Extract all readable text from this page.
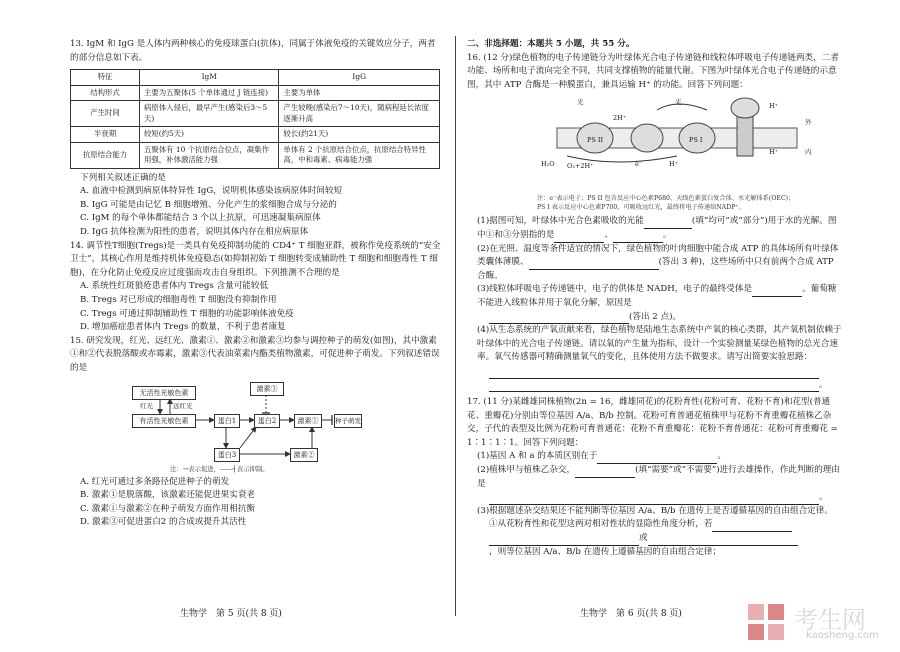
13. IgM 和 IgG 是人体内两种核心的免疫球蛋白(抗体)，同属于体液免疫的关键效应分子，两者的部分信息如下表。

特征	IgM	IgG
结构形式	主要为五聚体(5 个单体通过 J 链连接)	主要为单体
产生时间	病原体入侵后，最早产生(感染后3～5天)	产生较晚(感染后7～10天)，随病程延长浓度逐渐升高
半衰期	较短(约5天)	较长(约21天)
抗原结合能力	五聚体有 10 个抗原结合位点，凝集作用强，补体激活能力强	单体有 2 个抗原结合位点，抗原结合特异性高，中和毒素、病毒能力强

下列相关叙述正确的是

A. 血液中检测到病原体特异性 IgG，说明机体感染该病原体时间较短

B. IgG 可能是由记忆 B 细胞增殖、分化产生的浆细胞合成与分泌的

C. IgM 的每个单体都能结合 3 个以上抗原，可迅速凝集病原体

D. IgG 抗体检测为阳性的患者，说明其体内存在相应病原体

14. 调节性T细胞(Tregs)是一类具有免疫抑制功能的 CD4⁺ T 细胞亚群，被称作免疫系统的“安全卫士”，其核心作用是维持机体免疫稳态(如抑制初始 T 细胞转变成辅助性 T 细胞和细胞毒性 T 细胞)，在分化防止免疫反应过度强而攻击自身组织。下列推测不合理的是

A. 系统性红斑狼疮患者体内 Tregs 含量可能较低

B. Tregs 对已形成的细胞毒性 T 细胞没有抑制作用

C. Tregs 可通过抑制辅助性 T 细胞的功能影响体液免疫

D. 增加癌症患者体内 Tregs 的数量，不利于患者康复

15. 研究发现，红光、远红光、激素①、激素②和激素③均参与调控种子的萌发(如图)，其中激素①和②代表脱落酸或赤霉素，激素③代表油菜素内酯类植物激素，可促进种子萌发。下列叙述错误的是

无活性光敏色素
有活性光敏色素
激素③
蛋白1	蛋白2	激素①	种子萌发
蛋白3	激素②
红光	远红光
注：→表示促进，——┤表示抑制。

A. 红光可通过多条路径促进种子的萌发

B. 激素①是脱落酸，该激素还能促进果实衰老

C. 激素①与激素②在种子萌发方面作用相抗衡

D. 激素③可促进蛋白2 的合成或提升其活性

二、非选择题：本题共 5 小题，共 55 分。

16. (12 分)绿色植物的电子传递链分为叶绿体光合电子传递链和线粒体呼吸电子传递链两类，二者功能、场所和电子流向完全不同，共同支撑植物的能量代谢。下图为叶绿体光合电子传递链的示意图，其中 ATP 合酶是一种膜蛋白，兼具运输 H⁺ 的功能。回答下列问题：

光	光	H⁺
H⁺
H⁺
2H⁺
e⁻
PS II	PS I
外
内
H₂O O₂+2H⁺

注：e⁻表示电子；PS II 包含反应中心色素P680、天线色素蛋白复合体、水光解体系(OEC)；

PS I 表示反应中心色素P700，可吸收远红光，最终将电子传递给NADP⁺。

(1)据图可知，叶绿体中光合色素吸收的光能	(填“均可”或“部分”)用于水的光解。图中①和③分别指的是	、	。

(2)在光照、温度等条件适宜的情况下，绿色植物的叶肉细胞中能合成 ATP 的具体场所有叶绿体类囊体薄膜、	(答出 3 种)，这些场所中只有前两个合成 ATP 合酶。

(3)线粒体呼吸电子传递链中，电子的供体是 NADH，电子的最终受体是	。葡萄糖不能进入线粒体并用于氧化分解，原因是

(答出 2 点)。

(4)从生态系统的产氧贡献来看，绿色植物是陆地生态系统中产氧的核心类群，其产氧机制依赖于叶绿体中的光合电子传递链。请以氧的产生量为指标，设计一个实验测量某绿色植物的总光合速率。氧气传感器可精确测量氧气的变化，且体使用方法不做要求。请写出简要实验思路：

。

17. (11 分)某雌雄同株植物(2n = 16，雌雄同花)的花粉育性(花粉可育、花粉不育)和花型(普通花、重瓣花)分别由等位基因 A/a、B/b 控制。花粉可育普通花植株甲与花粉不育重瓣花植株乙杂交，子代的表型及比例为花粉可育普通花：花粉不育重瓣花：花粉不育普通花：花粉可育重瓣花 = 1∶1∶1∶1。回答下列问题：

(1)基因 A 和 a 的本质区别在于	。

(2)植株甲与植株乙杂交，	(填“需要”或“不需要”)进行去雄操作，作此判断的理由是

。

(3)根据题述杂交结果还不能判断等位基因 A/a、B/b 在遗传上是否遵循基因的自由组合定律。

①从花粉育性和花型这两对相对性状的显隐性角度分析，若

或

，则等位基因 A/a、B/b 在遗传上遵循基因的自由组合定律；

生物学　第 5 页(共 8 页)	生物学　第 6 页(共 8 页)	考生网
kaosheng.com
